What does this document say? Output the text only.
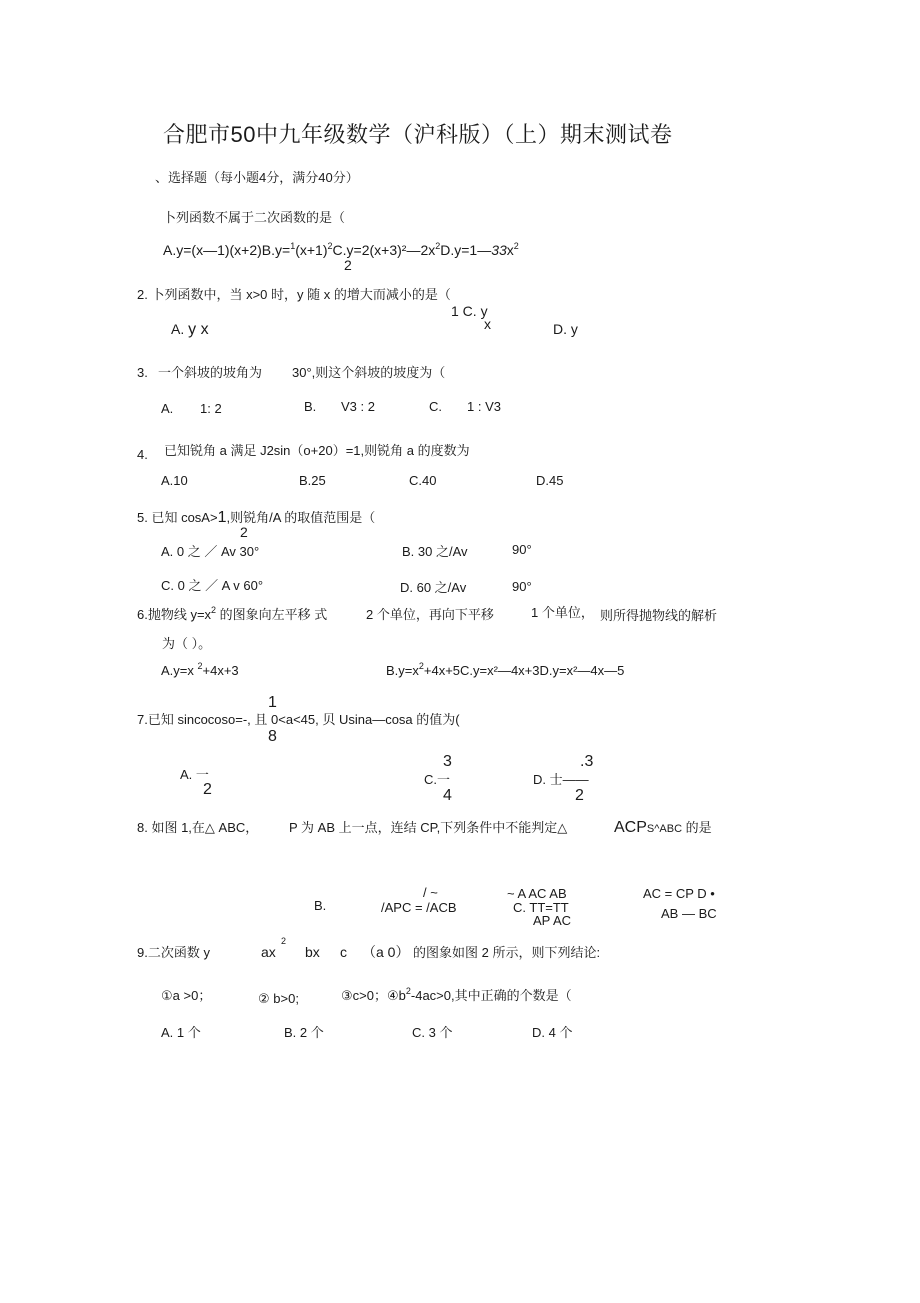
合肥市50中九年级数学（沪科版）（上）期末测试卷
、选择题（每小题4分，满分40分）
卜列函数不属于二次函数的是（
$A.y=(x—1)(x+2)B.y=^1(x+1)^2C.y=2(x+3)^2—2x^2D.y=1—33x^2$
2
2. 卜列函数中，当 x>0 时，y 随 x 的增大而减小的是（
1 C. y
x
A. y x	D. y
3. 一个斜坡的坡角为 30°,则这个斜坡的坡度为（
A. 1: 2	B. V3 : 2	C. 1 : V3
4. 已知锐角 a 满足 J2sin（o+20）=1,则锐角 a 的度数为
A.10	B.25	C.40	D.45
5. 已知 cosA>1,则锐角/A 的取值范围是（
2
A. 0 之 ／ Av 30°	B. 30 之/Av	90°
C. 0 之 ／ A v 60°	D. 60 之/Av	90°
6.抛物线 $y=x^2$ 的图象向左平移 式	2 个单位，再向下平移	1 个单位， 则所得抛物线的解析
为（ ）。
A.y=x $^2$+4x+3	$B.y=x^2+4x+5C.y=x^2—4x+3D.y=x^2—4x—5$
1
7.已知 sincocoso=-, 且 0<a<45, 贝 Usina—cosa 的值为(
8
3	.3
A. 一	C.一	D. 士——
2	4	2
8. 如图 1,在△ ABC， P 为 AB 上一点，连结 CP,下列条件中不能判定△	ACPS^ABC 的是
/ ~	~ A AC AB	AC = CP D •
B.	/APC = /ACB	C. TT=TT	AB — BC
AP AC
9.二次函数 y	ax
2
bx c （a 0） 的图象如图 2 所示，则下列结论:
①a >0；	② b>0;	③c>0；$④b^2-4ac>0$,其中正确的个数是（
A. 1 个	B. 2 个	C. 3 个	D. 4 个
